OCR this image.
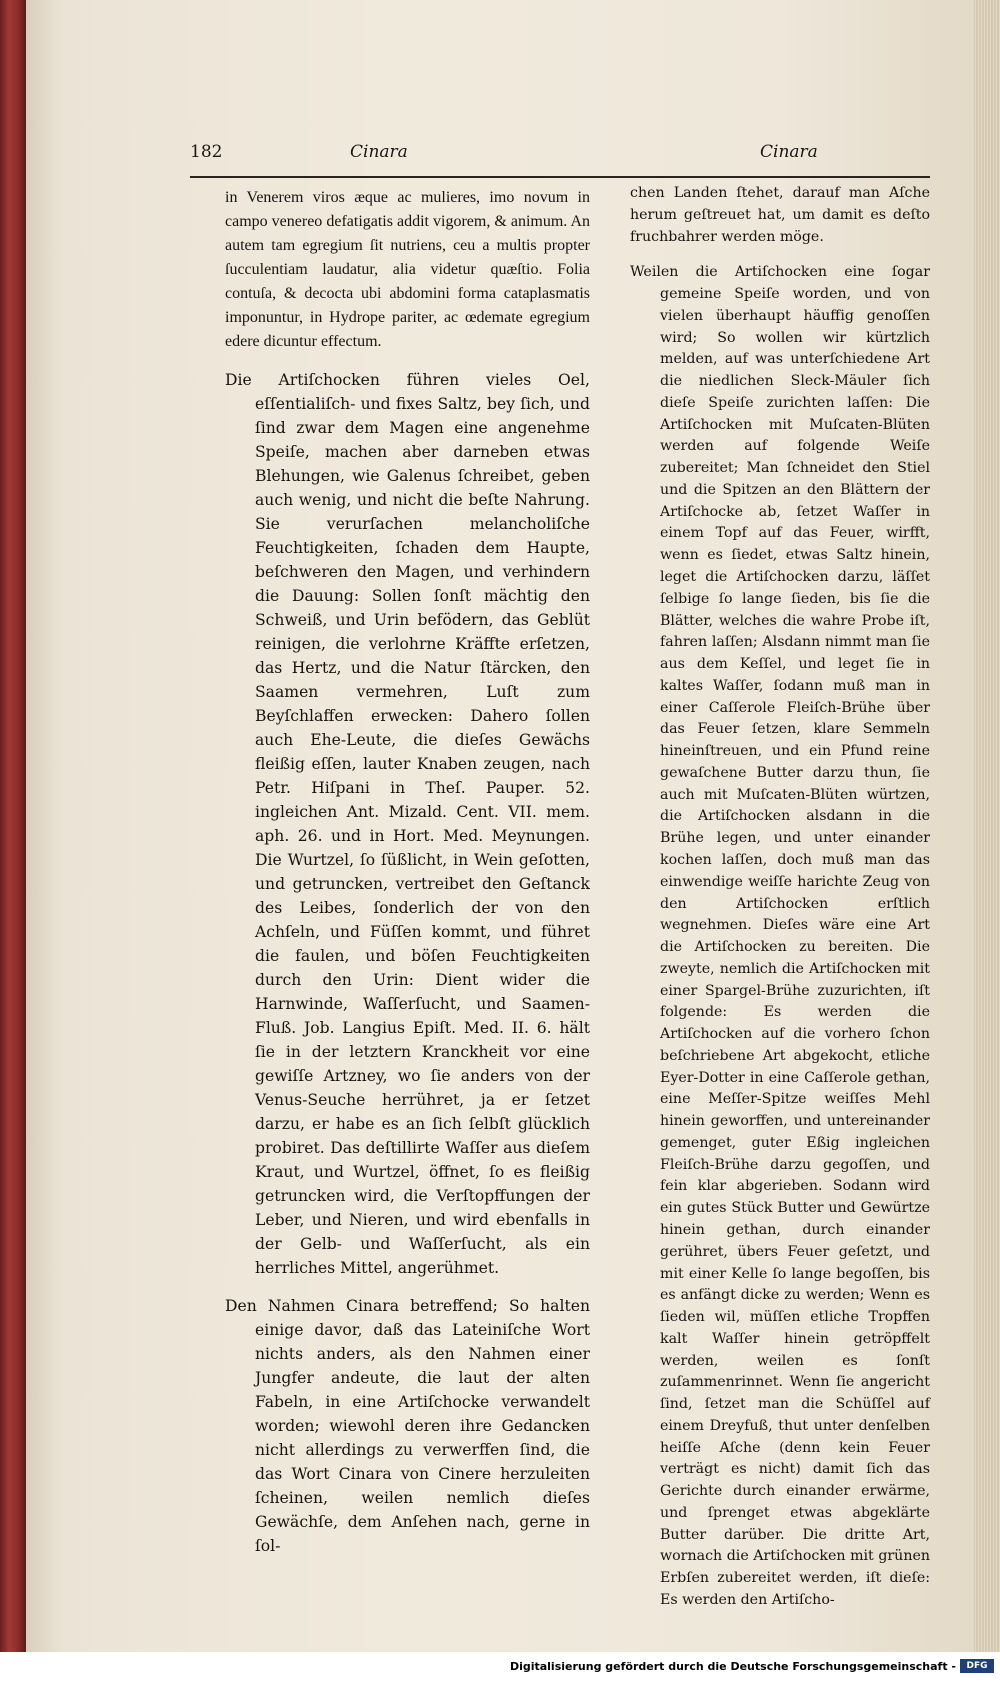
182	Cinara	Cinara

in Venerem viros æque ac mulieres, imo novum in campo venereo defatigatis addit vigorem, & animum. An autem tam egregium ſit nutriens, ceu a multis propter ſucculentiam laudatur, alia videtur quæſtio. Folia contuſa, & decocta ubi abdomini forma cataplasmatis imponuntur, in Hydrope pariter, ac œdemate egregium edere dicuntur effectum.

Die Artiſchocken führen vieles Oel, eſſentialiſch- und fixes Saltz, bey ſich, und ſind zwar dem Magen eine angenehme Speiſe, machen aber darneben etwas Blehungen, wie Galenus ſchreibet, geben auch wenig, und nicht die beſte Nahrung. Sie verurſachen melancholiſche Feuchtigkeiten, ſchaden dem Haupte, beſchweren den Magen, und verhindern die Dauung: Sollen ſonſt mächtig den Schweiß, und Urin befödern, das Geblüt reinigen, die verlohrne Kräffte erſetzen, das Hertz, und die Natur ſtärcken, den Saamen vermehren, Luſt zum Beyſchlaffen erwecken: Dahero ſollen auch Ehe-Leute, die dieſes Gewächs fleißig eſſen, lauter Knaben zeugen, nach Petr. Hiſpani in Theſ. Pauper. 52. ingleichen Ant. Mizald. Cent. VII. mem. aph. 26. und in Hort. Med. Meynungen. Die Wurtzel, ſo ſüßlicht, in Wein geſotten, und getruncken, vertreibet den Geſtanck des Leibes, ſonderlich der von den Achſeln, und Füſſen kommt, und führet die faulen, und böſen Feuchtigkeiten durch den Urin: Dient wider die Harnwinde, Waſſerſucht, und Saamen-Fluß. Job. Langius Epiſt. Med. II. 6. hält ſie in der letztern Kranckheit vor eine gewiſſe Artzney, wo ſie anders von der Venus-Seuche herrühret, ja er ſetzet darzu, er habe es an ſich ſelbſt glücklich probiret. Das deſtillirte Waſſer aus dieſem Kraut, und Wurtzel, öffnet, ſo es fleißig getruncken wird, die Verſtopffungen der Leber, und Nieren, und wird ebenfalls in der Gelb- und Waſſerſucht, als ein herrliches Mittel, angerühmet.

Den Nahmen Cinara betreffend; So halten einige davor, daß das Lateiniſche Wort nichts anders, als den Nahmen einer Jungfer andeute, die laut der alten Fabeln, in eine Artiſchocke verwandelt worden; wiewohl deren ihre Gedancken nicht allerdings zu verwerffen ſind, die das Wort Cinara von Cinere herzuleiten ſcheinen, weilen nemlich dieſes Gewächſe, dem Anſehen nach, gerne in ſol-

chen Landen ſtehet, darauf man Aſche herum geſtreuet hat, um damit es deſto fruchbahrer werden möge.

Weilen die Artiſchocken eine ſogar gemeine Speiſe worden, und von vielen überhaupt häuffig genoſſen wird; So wollen wir kürtzlich melden, auf was unterſchiedene Art die niedlichen Sleck-Mäuler ſich dieſe Speiſe zurichten laſſen: Die Artiſchocken mit Muſcaten-Blüten werden auf folgende Weiſe zubereitet; Man ſchneidet den Stiel und die Spitzen an den Blättern der Artiſchocke ab, ſetzet Waſſer in einem Topf auf das Feuer, wirfft, wenn es ſiedet, etwas Saltz hinein, leget die Artiſchocken darzu, läſſet ſelbige ſo lange ſieden, bis ſie die Blätter, welches die wahre Probe iſt, fahren laſſen; Alsdann nimmt man ſie aus dem Keſſel, und leget ſie in kaltes Waſſer, ſodann muß man in einer Caſſerole Fleiſch-Brühe über das Feuer ſetzen, klare Semmeln hineinſtreuen, und ein Pfund reine gewaſchene Butter darzu thun, ſie auch mit Muſcaten-Blüten würtzen, die Artiſchocken alsdann in die Brühe legen, und unter einander kochen laſſen, doch muß man das einwendige weiſſe harichte Zeug von den Artiſchocken erſtlich wegnehmen. Dieſes wäre eine Art die Artiſchocken zu bereiten. Die zweyte, nemlich die Artiſchocken mit einer Spargel-Brühe zuzurichten, iſt folgende: Es werden die Artiſchocken auf die vorhero ſchon beſchriebene Art abgekocht, etliche Eyer-Dotter in eine Caſſerole gethan, eine Meſſer-Spitze weiſſes Mehl hinein geworffen, und untereinander gemenget, guter Eßig ingleichen Fleiſch-Brühe darzu gegoſſen, und fein klar abgerieben. Sodann wird ein gutes Stück Butter und Gewürtze hinein gethan, durch einander gerühret, übers Feuer geſetzt, und mit einer Kelle ſo lange begoſſen, bis es anfängt dicke zu werden; Wenn es ſieden wil, müſſen etliche Tropffen kalt Waſſer hinein getröpffelt werden, weilen es ſonſt zuſammenrinnet. Wenn ſie angericht ſind, ſetzet man die Schüſſel auf einem Dreyfuß, thut unter denſelben heiſſe Aſche (denn kein Feuer verträgt es nicht) damit ſich das Gerichte durch einander erwärme, und ſprenget etwas abgeklärte Butter darüber. Die dritte Art, wornach die Artiſchocken mit grünen Erbſen zubereitet werden, iſt dieſe: Es werden den Artiſcho-

Digitalisierung gefördert durch die Deutsche Forschungsgemeinschaft -	DFG
